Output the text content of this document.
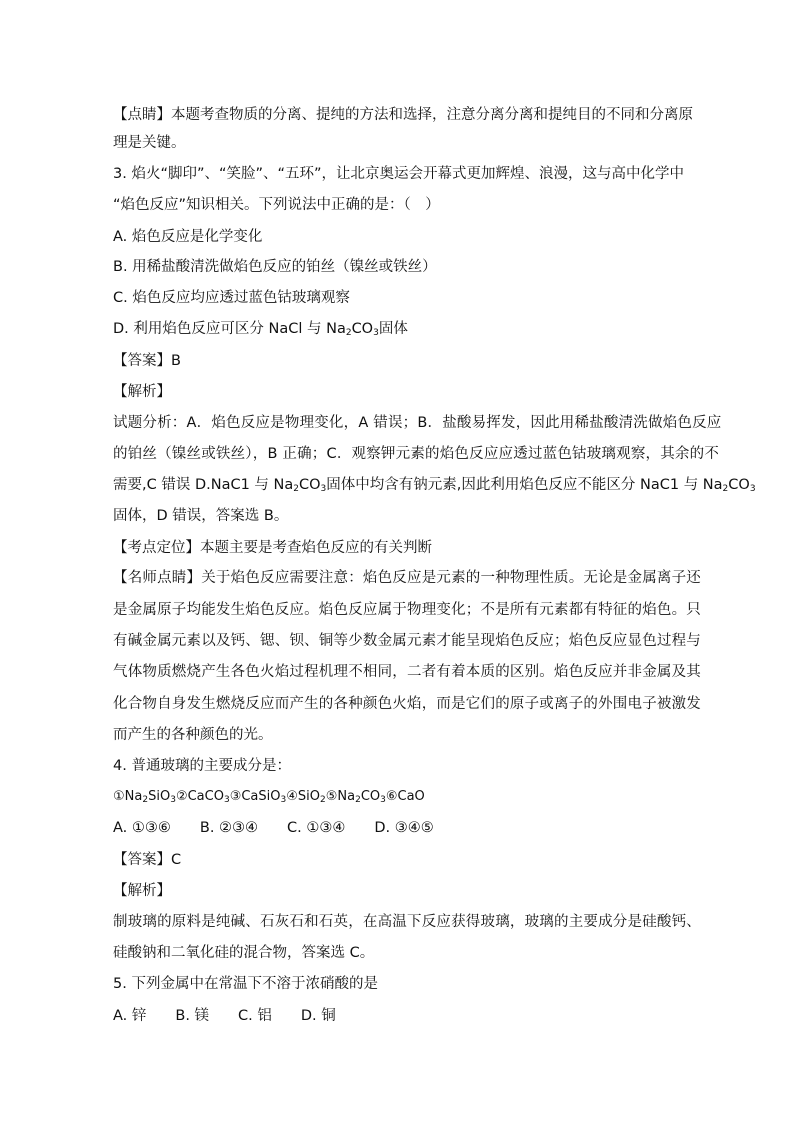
【点睛】本题考查物质的分离、提纯的方法和选择，注意分离分离和提纯目的不同和分离原
理是关键。
3. 焰火“脚印”、“笑脸”、“五环”，让北京奥运会开幕式更加辉煌、浪漫，这与高中化学中
“焰色反应”知识相关。下列说法中正确的是：（　）
A. 焰色反应是化学变化
B. 用稀盐酸清洗做焰色反应的铂丝（镍丝或铁丝）
C. 焰色反应均应透过蓝色钴玻璃观察
D. 利用焰色反应可区分 NaCl 与 $Na_2CO_3$固体
【答案】B
【解析】
试题分析：A．焰色反应是物理变化，A 错误；B．盐酸易挥发，因此用稀盐酸清洗做焰色反应
的铂丝（镍丝或铁丝），B 正确；C．观察钾元素的焰色反应应透过蓝色钴玻璃观察，其余的不
需要,C 错误 D.NaC1 与 $Na_2CO_3$固体中均含有钠元素,因此利用焰色反应不能区分 NaC1 与 $Na_2CO_3$
固体，D 错误，答案选 B。
【考点定位】本题主要是考查焰色反应的有关判断
【名师点睛】关于焰色反应需要注意：焰色反应是元素的一种物理性质。无论是金属离子还
是金属原子均能发生焰色反应。焰色反应属于物理变化；不是所有元素都有特征的焰色。只
有碱金属元素以及钙、锶、钡、铜等少数金属元素才能呈现焰色反应；焰色反应显色过程与
气体物质燃烧产生各色火焰过程机理不相同，二者有着本质的区别。焰色反应并非金属及其
化合物自身发生燃烧反应而产生的各种颜色火焰，而是它们的原子或离子的外围电子被激发
而产生的各种颜色的光。
4. 普通玻璃的主要成分是：
$①Na_2SiO_3②CaCO_3③CaSiO_3④SiO_2⑤Na_2CO_3⑥CaO$
A. ①③⑥　　B. ②③④　　C. ①③④　　D. ③④⑤
【答案】C
【解析】
制玻璃的原料是纯碱、石灰石和石英，在高温下反应获得玻璃，玻璃的主要成分是硅酸钙、
硅酸钠和二氧化硅的混合物，答案选 C。
5. 下列金属中在常温下不溶于浓硝酸的是
A. 锌　　B. 镁　　C. 铝　　D. 铜
